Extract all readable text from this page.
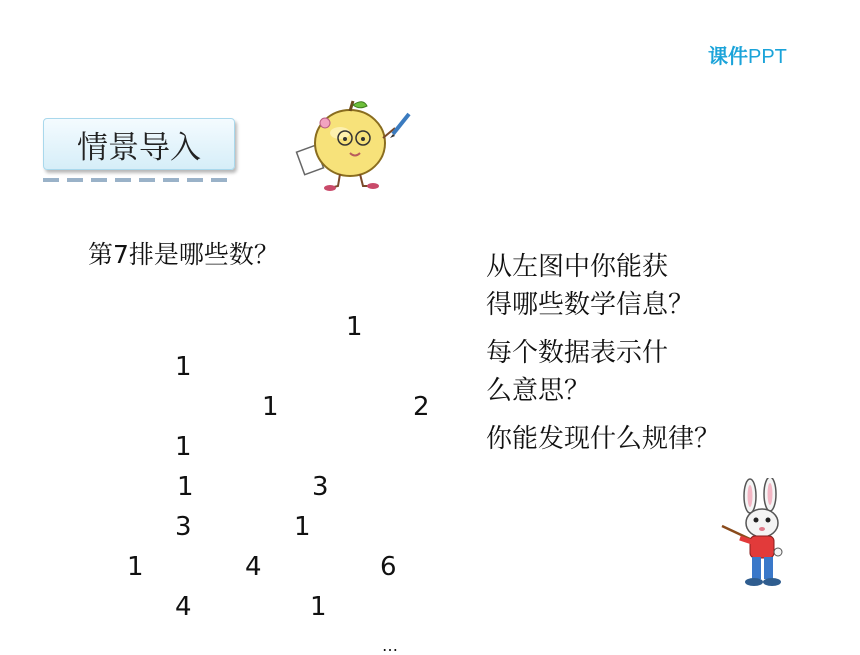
课件PPT
情景导入
第7排是哪些数？
1
1
1	2
1
1	3
3	1
1	4	6
4	1
…
从左图中你能获
得哪些数学信息？
每个数据表示什
么意思？
你能发现什么规律？
